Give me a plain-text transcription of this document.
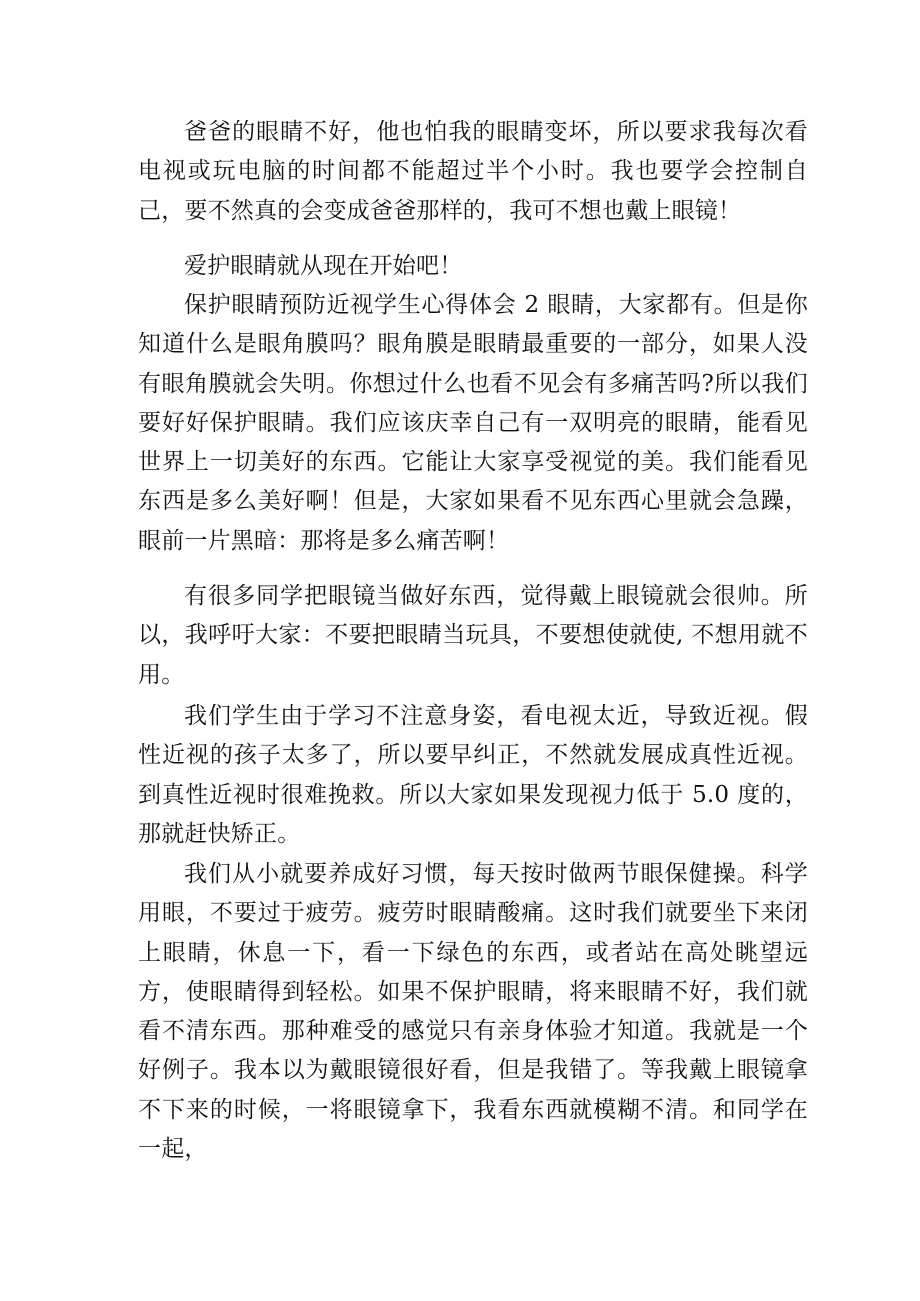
爸爸的眼睛不好，他也怕我的眼睛变坏，所以要求我每次看电视或玩电脑的时间都不能超过半个小时。我也要学会控制自己，要不然真的会变成爸爸那样的，我可不想也戴上眼镜！

爱护眼睛就从现在开始吧！

保护眼睛预防近视学生心得体会 2 眼睛，大家都有。但是你知道什么是眼角膜吗？眼角膜是眼睛最重要的一部分，如果人没有眼角膜就会失明。你想过什么也看不见会有多痛苦吗?所以我们要好好保护眼睛。我们应该庆幸自己有一双明亮的眼睛，能看见世界上一切美好的东西。它能让大家享受视觉的美。我们能看见东西是多么美好啊！但是，大家如果看不见东西心里就会急躁，眼前一片黑暗：那将是多么痛苦啊！

有很多同学把眼镜当做好东西，觉得戴上眼镜就会很帅。所以，我呼吁大家：不要把眼睛当玩具，不要想使就使, 不想用就不用。

我们学生由于学习不注意身姿，看电视太近，导致近视。假性近视的孩子太多了，所以要早纠正，不然就发展成真性近视。到真性近视时很难挽救。所以大家如果发现视力低于 5.0 度的，那就赶快矫正。

我们从小就要养成好习惯，每天按时做两节眼保健操。科学用眼，不要过于疲劳。疲劳时眼睛酸痛。这时我们就要坐下来闭上眼睛，休息一下，看一下绿色的东西，或者站在高处眺望远方，使眼睛得到轻松。如果不保护眼睛，将来眼睛不好，我们就看不清东西。那种难受的感觉只有亲身体验才知道。我就是一个好例子。我本以为戴眼镜很好看，但是我错了。等我戴上眼镜拿不下来的时候，一将眼镜拿下，我看东西就模糊不清。和同学在一起，
